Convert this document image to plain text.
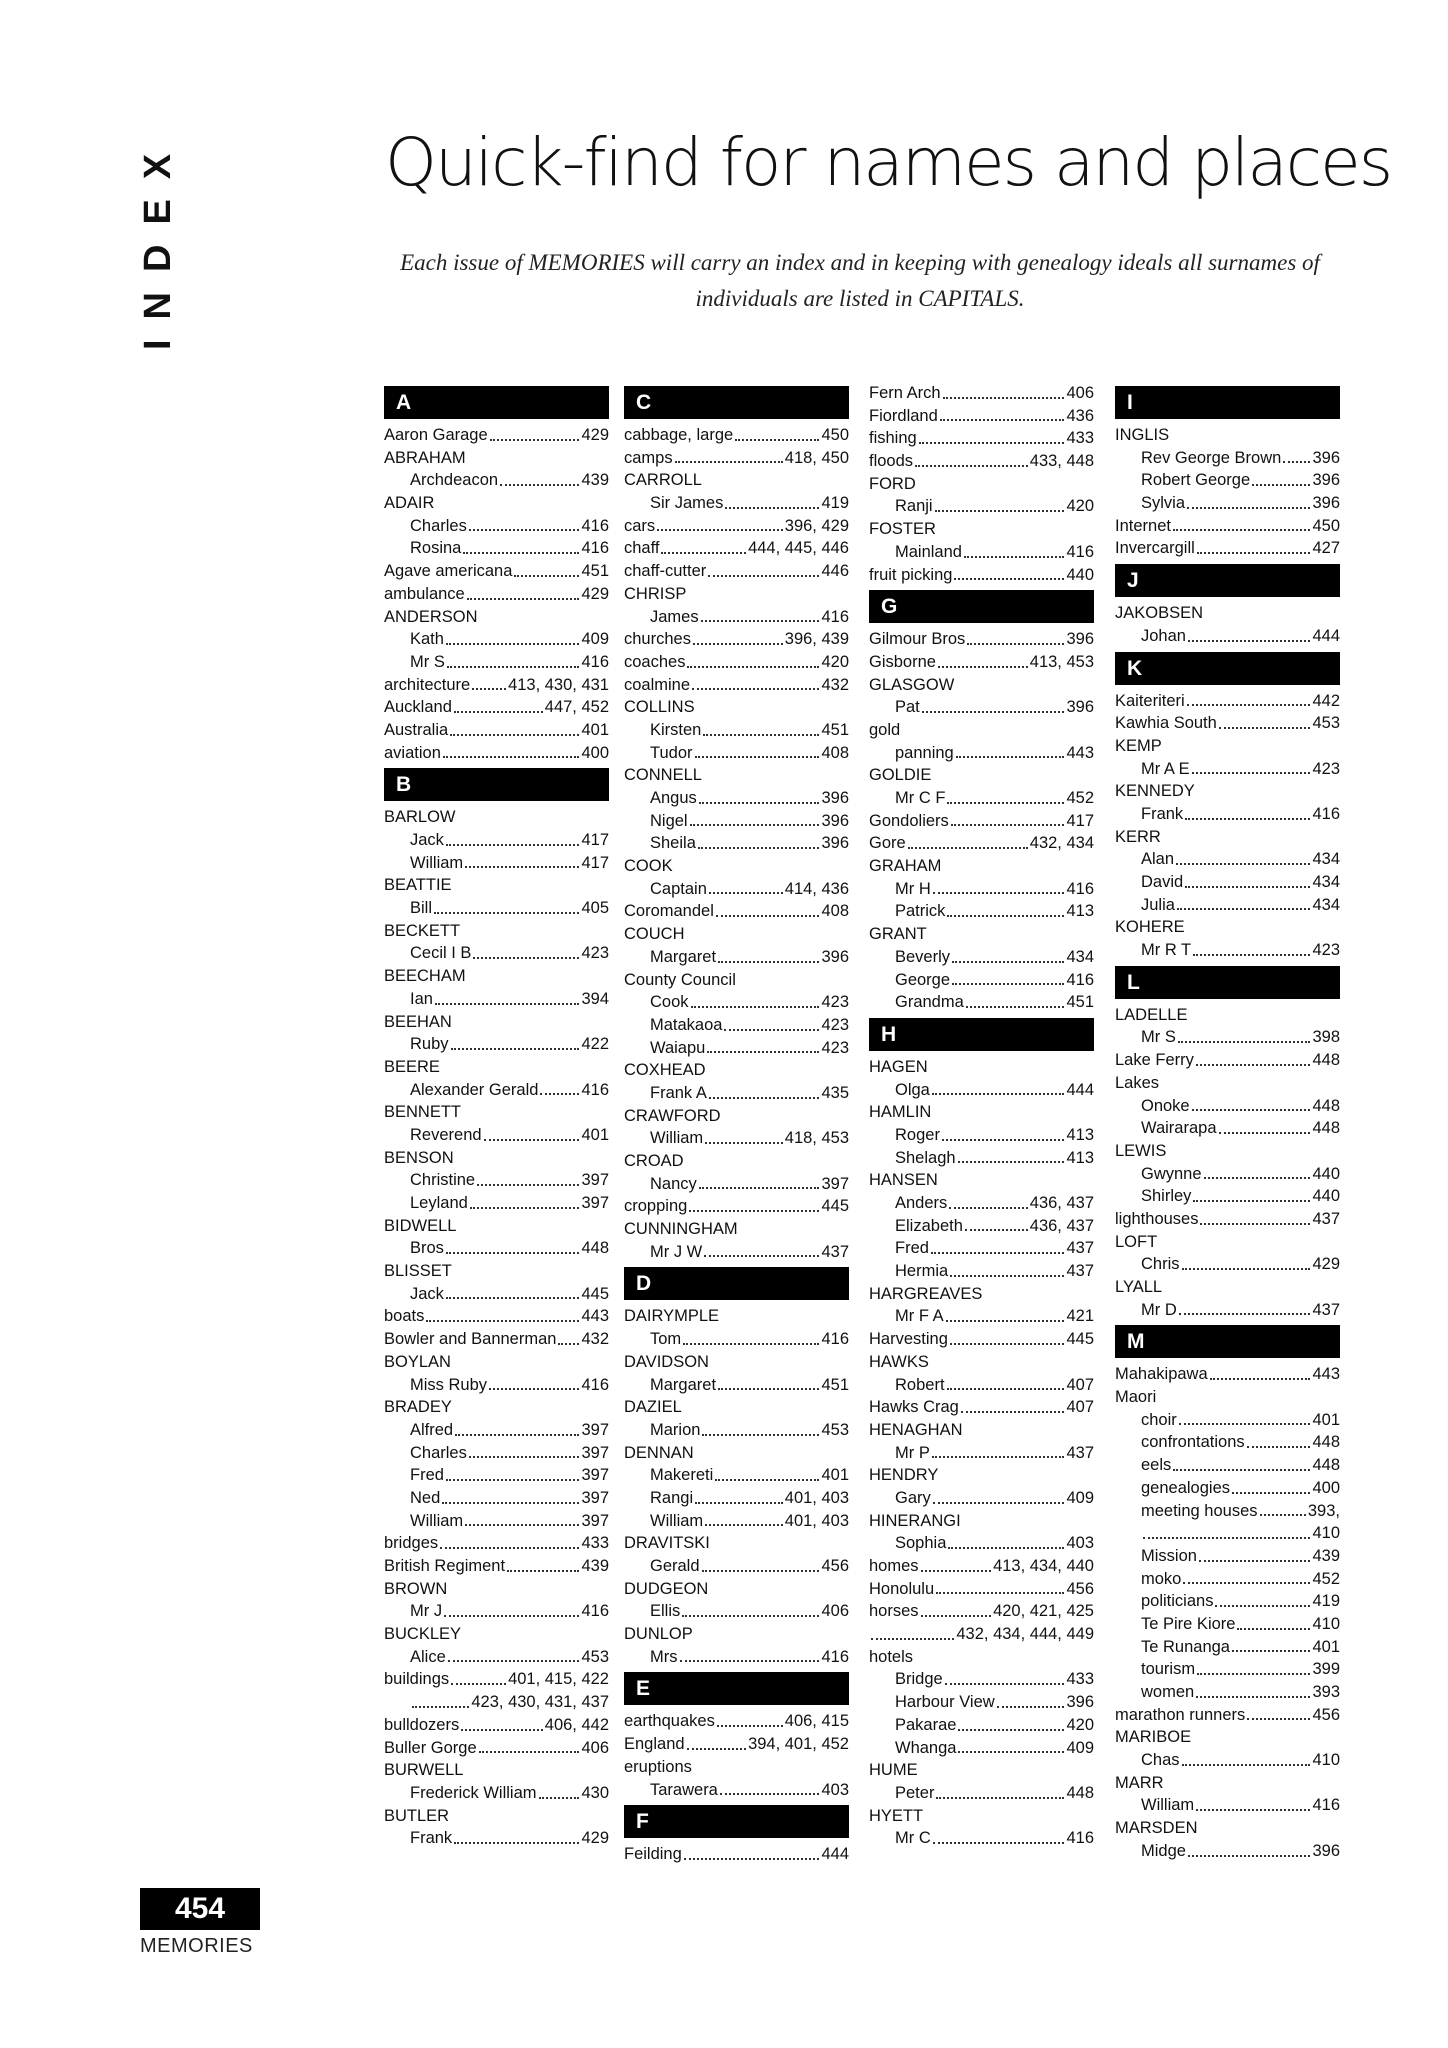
INDEX	Quick-find for names and places
Each issue of MEMORIES will carry an index and in keeping with genealogy ideals all surnames of individuals are listed in CAPITALS.
A
Aaron Garage	429
ABRAHAM
Archdeacon	439
ADAIR
Charles	416
Rosina	416
Agave americana	451
ambulance	429
ANDERSON
Kath	409
Mr S	416
architecture 413, 430, 431
Auckland	447, 452
Australia	401
aviation	400
B
BARLOW
Jack	417
William	417
BEATTIE
Bill	405
BECKETT
Cecil I B	423
BEECHAM
Ian	394
BEEHAN
Ruby	422
BEERE
Alexander Gerald	416
BENNETT
Reverend	401
BENSON
Christine	397
Leyland	397
BIDWELL
Bros	448
BLISSET
Jack	445
boats	443
Bowler and Bannerman 432
BOYLAN
Miss Ruby	416
BRADEY
Alfred	397
Charles	397
Fred	397
Ned	397
William	397
bridges	433
British Regiment	439
BROWN
Mr J	416
BUCKLEY
Alice	453
buildings	401, 415, 422
423, 430, 431, 437
bulldozers	406, 442
Buller Gorge	406
BURWELL
Frederick William	430
BUTLER
Frank	429
C
cabbage, large	450
camps	418, 450
CARROLL
Sir James	419
cars	396, 429
chaff	444, 445, 446
chaff-cutter	446
CHRISP
James	416
churches	396, 439
coaches	420
coalmine	432
COLLINS
Kirsten	451
Tudor	408
CONNELL
Angus	396
Nigel	396
Sheila	396
COOK
Captain	414, 436
Coromandel	408
COUCH
Margaret	396
County Council
Cook	423
Matakaoa	423
Waiapu	423
COXHEAD
Frank A	435
CRAWFORD
William	418, 453
CROAD
Nancy	397
cropping	445
CUNNINGHAM
Mr J W	437
D
DAIRYMPLE
Tom	416
DAVIDSON
Margaret	451
DAZIEL
Marion	453
DENNAN
Makereti	401
Rangi	401, 403
William	401, 403
DRAVITSKI
Gerald	456
DUDGEON
Ellis	406
DUNLOP
Mrs	416
E
earthquakes	406, 415
England	394, 401, 452
eruptions
Tarawera	403
F
Feilding	444
Fern Arch	406
Fiordland	436
fishing	433
floods	433, 448
FORD
Ranji	420
FOSTER
Mainland	416
fruit picking	440
G
Gilmour Bros	396
Gisborne	413, 453
GLASGOW
Pat	396
gold
panning	443
GOLDIE
Mr C F	452
Gondoliers	417
Gore	432, 434
GRAHAM
Mr H	416
Patrick	413
GRANT
Beverly	434
George	416
Grandma	451
H
HAGEN
Olga	444
HAMLIN
Roger	413
Shelagh	413
HANSEN
Anders	436, 437
Elizabeth	436, 437
Fred	437
Hermia	437
HARGREAVES
Mr F A	421
Harvesting	445
HAWKS
Robert	407
Hawks Crag	407
HENAGHAN
Mr P	437
HENDRY
Gary	409
HINERANGI
Sophia	403
homes	413, 434, 440
Honolulu	456
horses	420, 421, 425
432, 434, 444, 449
hotels
Bridge	433
Harbour View	396
Pakarae	420
Whanga	409
HUME
Peter	448
HYETT
Mr C	416
I
INGLIS
Rev George Brown 396
Robert George	396
Sylvia	396
Internet	450
Invercargill	427
J
JAKOBSEN
Johan	444
K
Kaiteriteri	442
Kawhia South	453
KEMP
Mr A E	423
KENNEDY
Frank	416
KERR
Alan	434
David	434
Julia	434
KOHERE
Mr R T	423
L
LADELLE
Mr S	398
Lake Ferry	448
Lakes
Onoke	448
Wairarapa	448
LEWIS
Gwynne	440
Shirley	440
lighthouses	437
LOFT
Chris	429
LYALL
Mr D	437
M
Mahakipawa	443
Maori
choir	401
confrontations	448
eels	448
genealogies	400
meeting houses	393,
410
Mission	439
moko	452
politicians	419
Te Pire Kiore	410
Te Runanga	401
tourism	399
women	393
marathon runners	456
MARIBOE
Chas	410
MARR
William	416
MARSDEN
Midge	396
454
MEMORIES
